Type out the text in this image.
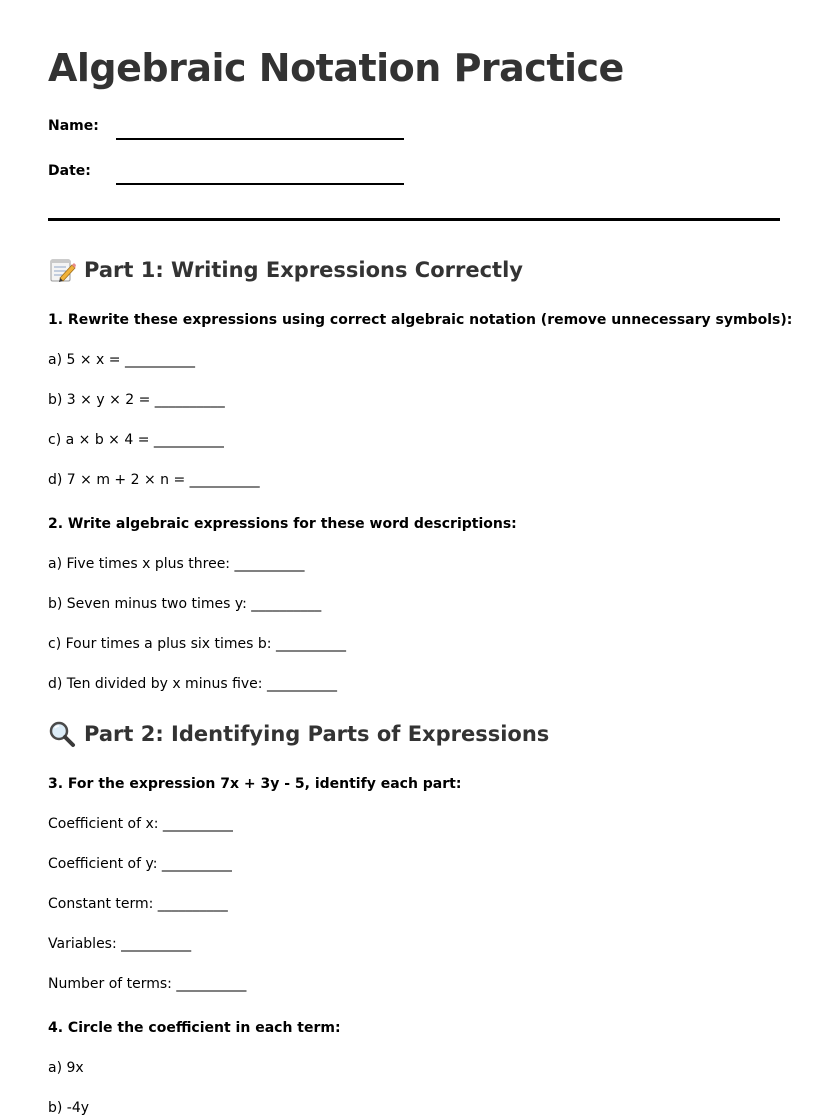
Algebraic Notation Practice
Name:
Date:
Part 1: Writing Expressions Correctly
1. Rewrite these expressions using correct algebraic notation (remove unnecessary symbols):
a) 5 × x = __________
b) 3 × y × 2 = __________
c) a × b × 4 = __________
d) 7 × m + 2 × n = __________
2. Write algebraic expressions for these word descriptions:
a) Five times x plus three: __________
b) Seven minus two times y: __________
c) Four times a plus six times b: __________
d) Ten divided by x minus five: __________
Part 2: Identifying Parts of Expressions
3. For the expression 7x + 3y - 5, identify each part:
Coefficient of x: __________
Coefficient of y: __________
Constant term: __________
Variables: __________
Number of terms: __________
4. Circle the coefficient in each term:
a) 9x
b) -4y
